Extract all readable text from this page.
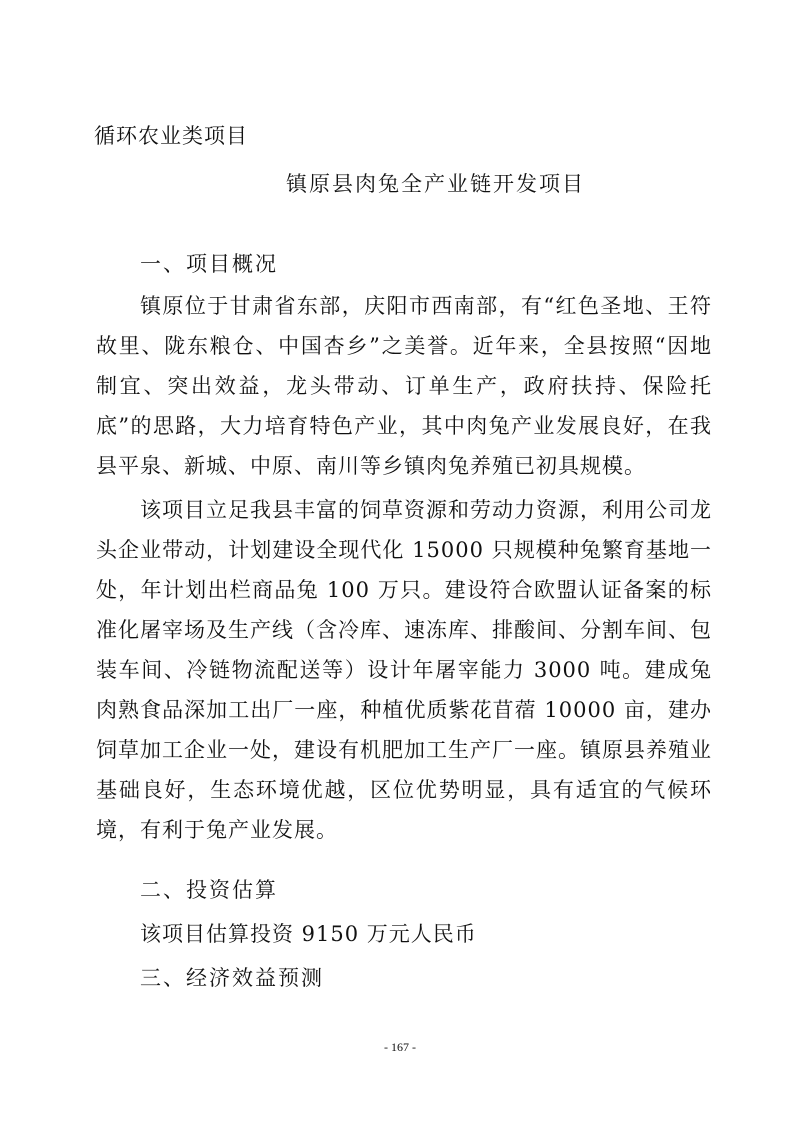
循环农业类项目
镇原县肉兔全产业链开发项目
一、项目概况
镇原位于甘肃省东部，庆阳市西南部，有“红色圣地、王符故里、陇东粮仓、中国杏乡”之美誉。近年来，全县按照“因地制宜、突出效益，龙头带动、订单生产，政府扶持、保险托底”的思路，大力培育特色产业，其中肉兔产业发展良好，在我县平泉、新城、中原、南川等乡镇肉兔养殖已初具规模。
该项目立足我县丰富的饲草资源和劳动力资源，利用公司龙头企业带动，计划建设全现代化 15000 只规模种兔繁育基地一处，年计划出栏商品兔 100 万只。建设符合欧盟认证备案的标准化屠宰场及生产线（含冷库、速冻库、排酸间、分割车间、包装车间、冷链物流配送等）设计年屠宰能力 3000 吨。建成兔肉熟食品深加工出厂一座，种植优质紫花苜蓿 10000 亩，建办饲草加工企业一处，建设有机肥加工生产厂一座。镇原县养殖业基础良好，生态环境优越，区位优势明显，具有适宜的气候环境，有利于兔产业发展。
二、投资估算
该项目估算投资 9150 万元人民币
三、经济效益预测
- 167 -
